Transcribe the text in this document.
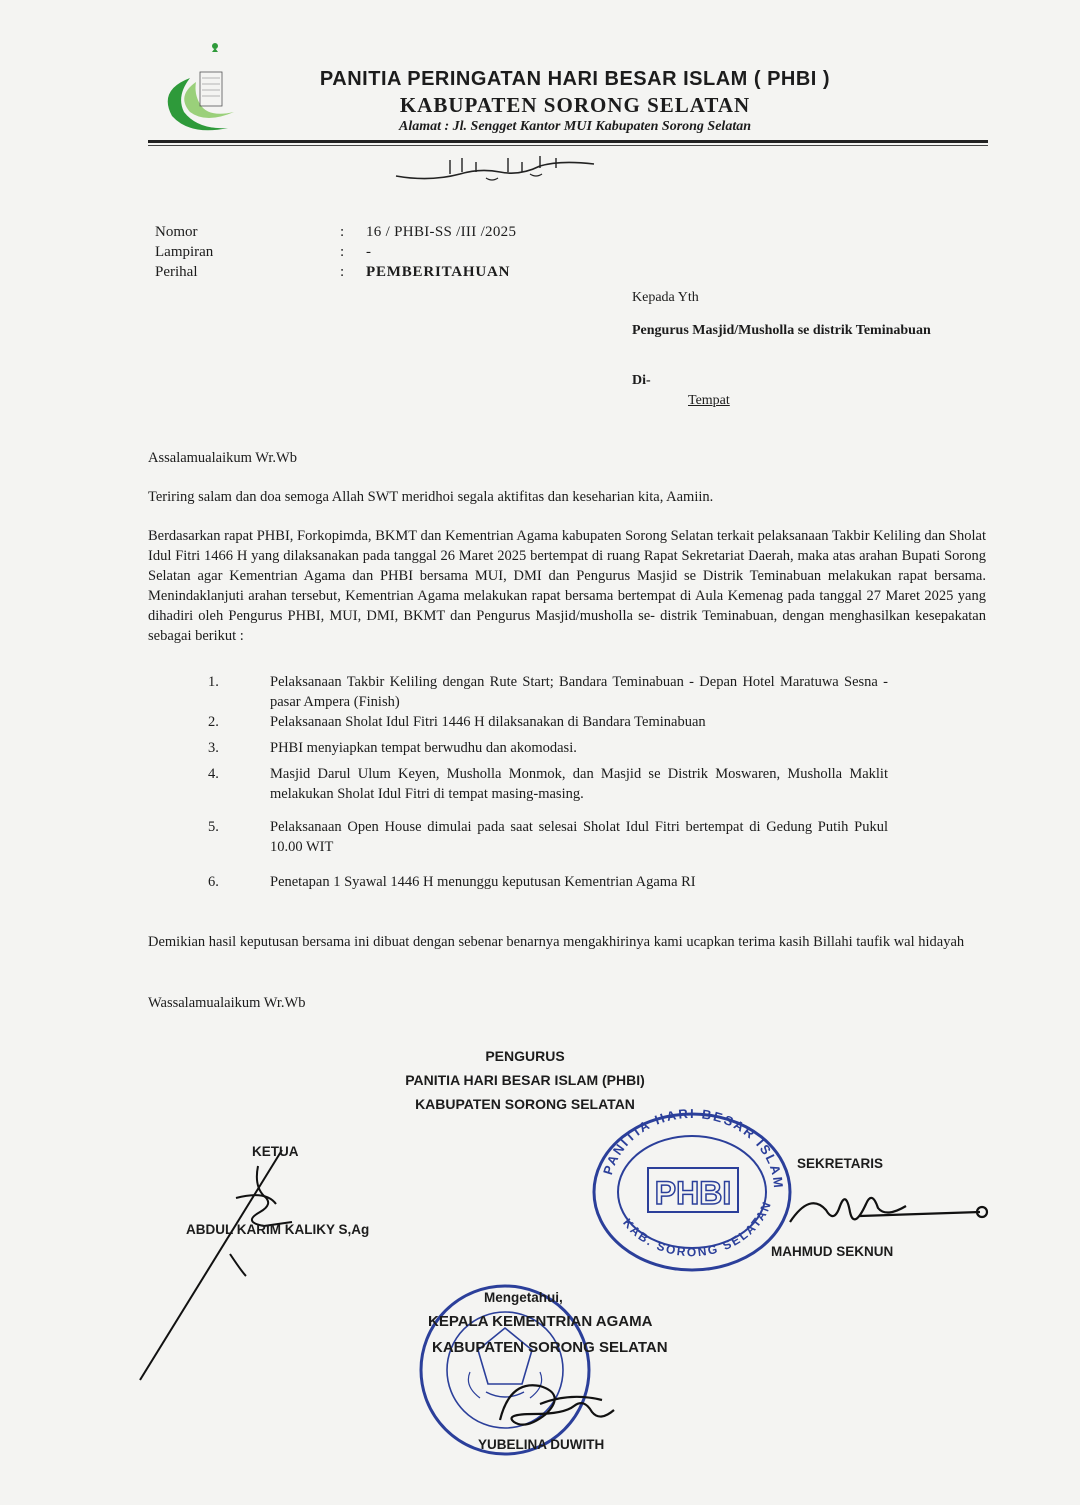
PANITIA PERINGATAN HARI BESAR ISLAM ( PHBI )
KABUPATEN SORONG SELATAN
Alamat : Jl. Sengget Kantor MUI Kabupaten Sorong Selatan
Nomor	:	16 / PHBI-SS /III /2025
Lampiran	:	-
Perihal	:	PEMBERITAHUAN
Kepada Yth
Pengurus Masjid/Musholla se distrik Teminabuan
Di-
Tempat
Assalamualaikum Wr.Wb
Teriring salam dan doa semoga Allah SWT meridhoi segala aktifitas dan keseharian kita, Aamiin.
Berdasarkan rapat PHBI, Forkopimda, BKMT dan Kementrian Agama kabupaten Sorong Selatan terkait pelaksanaan Takbir Keliling dan Sholat Idul Fitri 1466 H yang dilaksanakan pada tanggal 26 Maret 2025 bertempat di ruang Rapat Sekretariat Daerah, maka atas arahan Bupati Sorong Selatan agar Kementrian Agama dan PHBI bersama MUI, DMI dan Pengurus Masjid se Distrik Teminabuan melakukan rapat bersama. Menindaklanjuti arahan tersebut, Kementrian Agama melakukan rapat bersama bertempat di Aula Kemenag pada tanggal 27 Maret 2025 yang dihadiri oleh Pengurus PHBI, MUI, DMI, BKMT dan Pengurus Masjid/musholla se- distrik Teminabuan, dengan menghasilkan kesepakatan sebagai berikut :
1.	Pelaksanaan Takbir Keliling dengan Rute Start; Bandara Teminabuan - Depan Hotel Maratuwa Sesna - pasar Ampera (Finish)
2.	Pelaksanaan Sholat Idul Fitri 1446 H dilaksanakan di Bandara Teminabuan
3.	PHBI menyiapkan tempat berwudhu dan akomodasi.
4.	Masjid Darul Ulum Keyen, Musholla Monmok, dan Masjid se Distrik Moswaren, Musholla Maklit melakukan Sholat Idul Fitri di tempat masing-masing.
5.	Pelaksanaan Open House dimulai pada saat selesai Sholat Idul Fitri bertempat di Gedung Putih Pukul 10.00 WIT
6.	Penetapan 1 Syawal 1446 H menunggu keputusan Kementrian Agama RI
Demikian hasil keputusan bersama ini dibuat dengan sebenar benarnya mengakhirinya kami ucapkan terima kasih Billahi taufik wal hidayah
Wassalamualaikum Wr.Wb
PENGURUS
PANITIA HARI BESAR ISLAM (PHBI)
KABUPATEN SORONG SELATAN
PANITIA HARI BESAR ISLAM
KAB. SORONG SELATAN
PHBI
KETUA
ABDUL KARIM KALIKY S,Ag
SEKRETARIS
MAHMUD SEKNUN
Mengetahui,
KEPALA KEMENTRIAN AGAMA
KABUPATEN SORONG SELATAN
YUBELINA DUWITH
